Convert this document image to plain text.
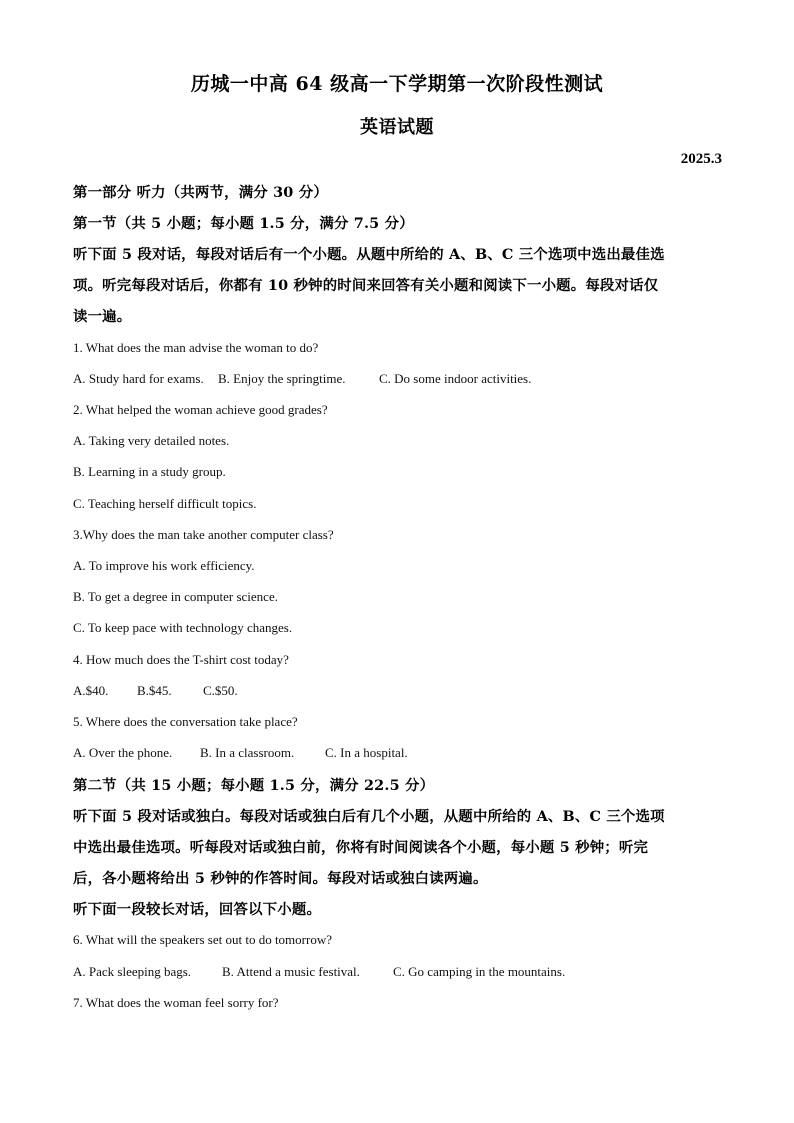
历城一中高 64 级高一下学期第一次阶段性测试
英语试题
2025.3
第一部分 听力（共两节，满分 30 分）
第一节（共 5 小题；每小题 1.5 分，满分 7.5 分）
听下面 5 段对话，每段对话后有一个小题。从题中所给的 A、B、C 三个选项中选出最佳选
项。听完每段对话后，你都有 10 秒钟的时间来回答有关小题和阅读下一小题。每段对话仅
读一遍。
1. What does the man advise the woman to do?
A. Study hard for exams. B. Enjoy the springtime.	C. Do some indoor activities.
2. What helped the woman achieve good grades?
A. Taking very detailed notes.
B. Learning in a study group.
C. Teaching herself difficult topics.
3.Why does the man take another computer class?
A. To improve his work efficiency.
B. To get a degree in computer science.
C. To keep pace with technology changes.
4. How much does the T-shirt cost today?
A.$40. B.$45. C.$50.
5. Where does the conversation take place?
A. Over the phone. B. In a classroom. C. In a hospital.
第二节（共 15 小题；每小题 1.5 分，满分 22.5 分）
听下面 5 段对话或独白。每段对话或独白后有几个小题，从题中所给的 A、B、C 三个选项
中选出最佳选项。听每段对话或独白前，你将有时间阅读各个小题，每小题 5 秒钟；听完
后，各小题将给出 5 秒钟的作答时间。每段对话或独白读两遍。
听下面一段较长对话，回答以下小题。
6. What will the speakers set out to do tomorrow?
A. Pack sleeping bags. B. Attend a music festival.	C. Go camping in the mountains.
7. What does the woman feel sorry for?
